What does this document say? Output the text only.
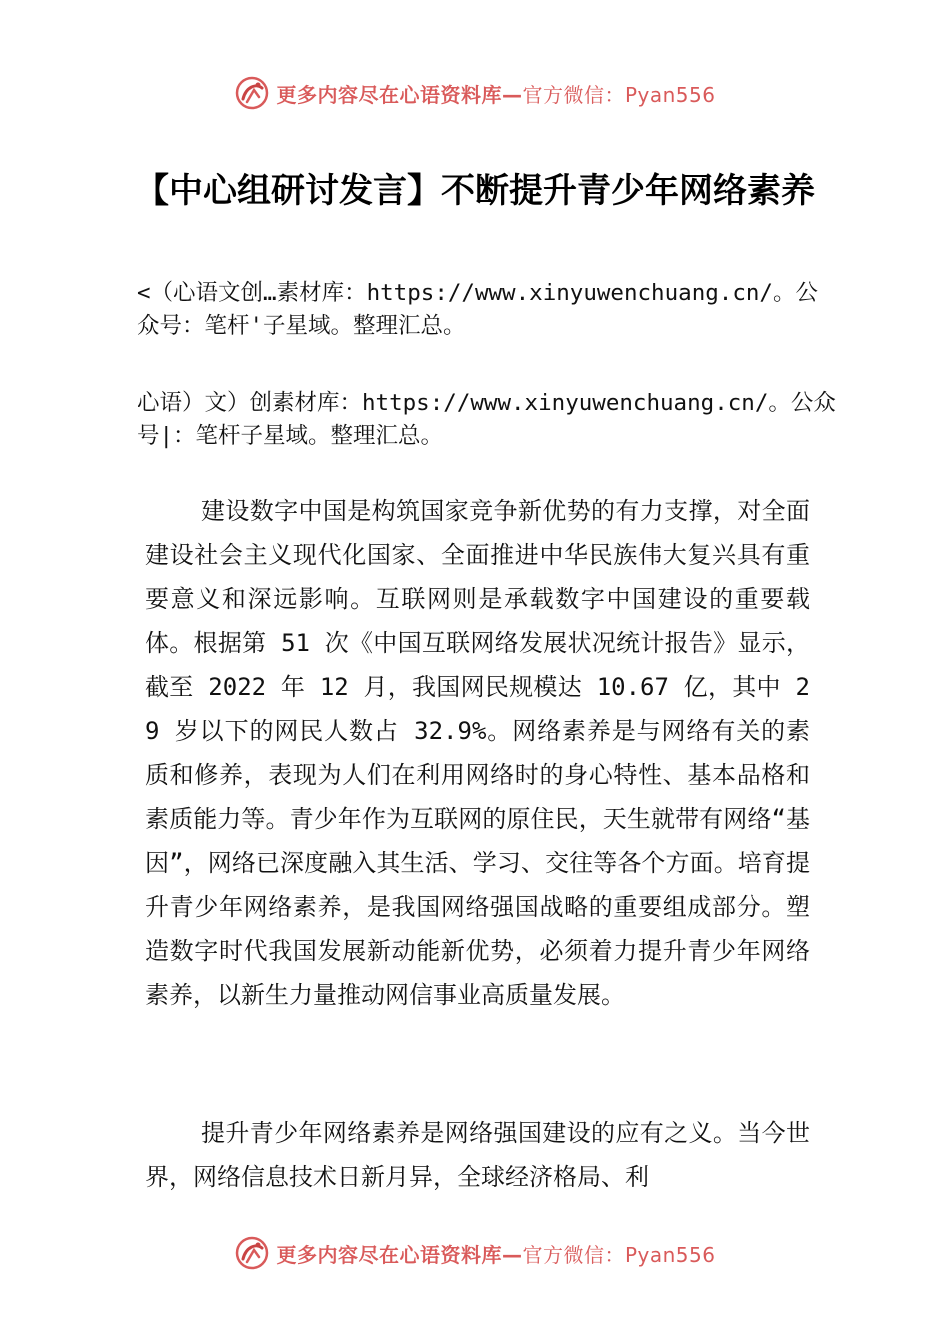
更多内容尽在心语资料库— 官方微信：Pyan556
【中心组研讨发言】不断提升青少年网络素养

<（心语文创…素材库：https://www.xinyuwenchuang.cn/。公众号：笔杆'子星域。整理汇总。

心语）文）创素材库：https://www.xinyuwenchuang.cn/。公众号|：笔杆子星域。整理汇总。

建设数字中国是构筑国家竞争新优势的有力支撑，对全面建设社会主义现代化国家、全面推进中华民族伟大复兴具有重要意义和深远影响。互联网则是承载数字中国建设的重要载体。根据第 51 次《中国互联网络发展状况统计报告》显示，截至 2022 年 12 月，我国网民规模达 10.67 亿，其中 29 岁以下的网民人数占 32.9%。网络素养是与网络有关的素质和修养，表现为人们在利用网络时的身心特性、基本品格和素质能力等。青少年作为互联网的原住民，天生就带有网络“基因”，网络已深度融入其生活、学习、交往等各个方面。培育提升青少年网络素养，是我国网络强国战略的重要组成部分。塑造数字时代我国发展新动能新优势，必须着力提升青少年网络素养，以新生力量推动网信事业高质量发展。

提升青少年网络素养是网络强国建设的应有之义。当今世界，网络信息技术日新月异，全球经济格局、利

更多内容尽在心语资料库— 官方微信：Pyan556
